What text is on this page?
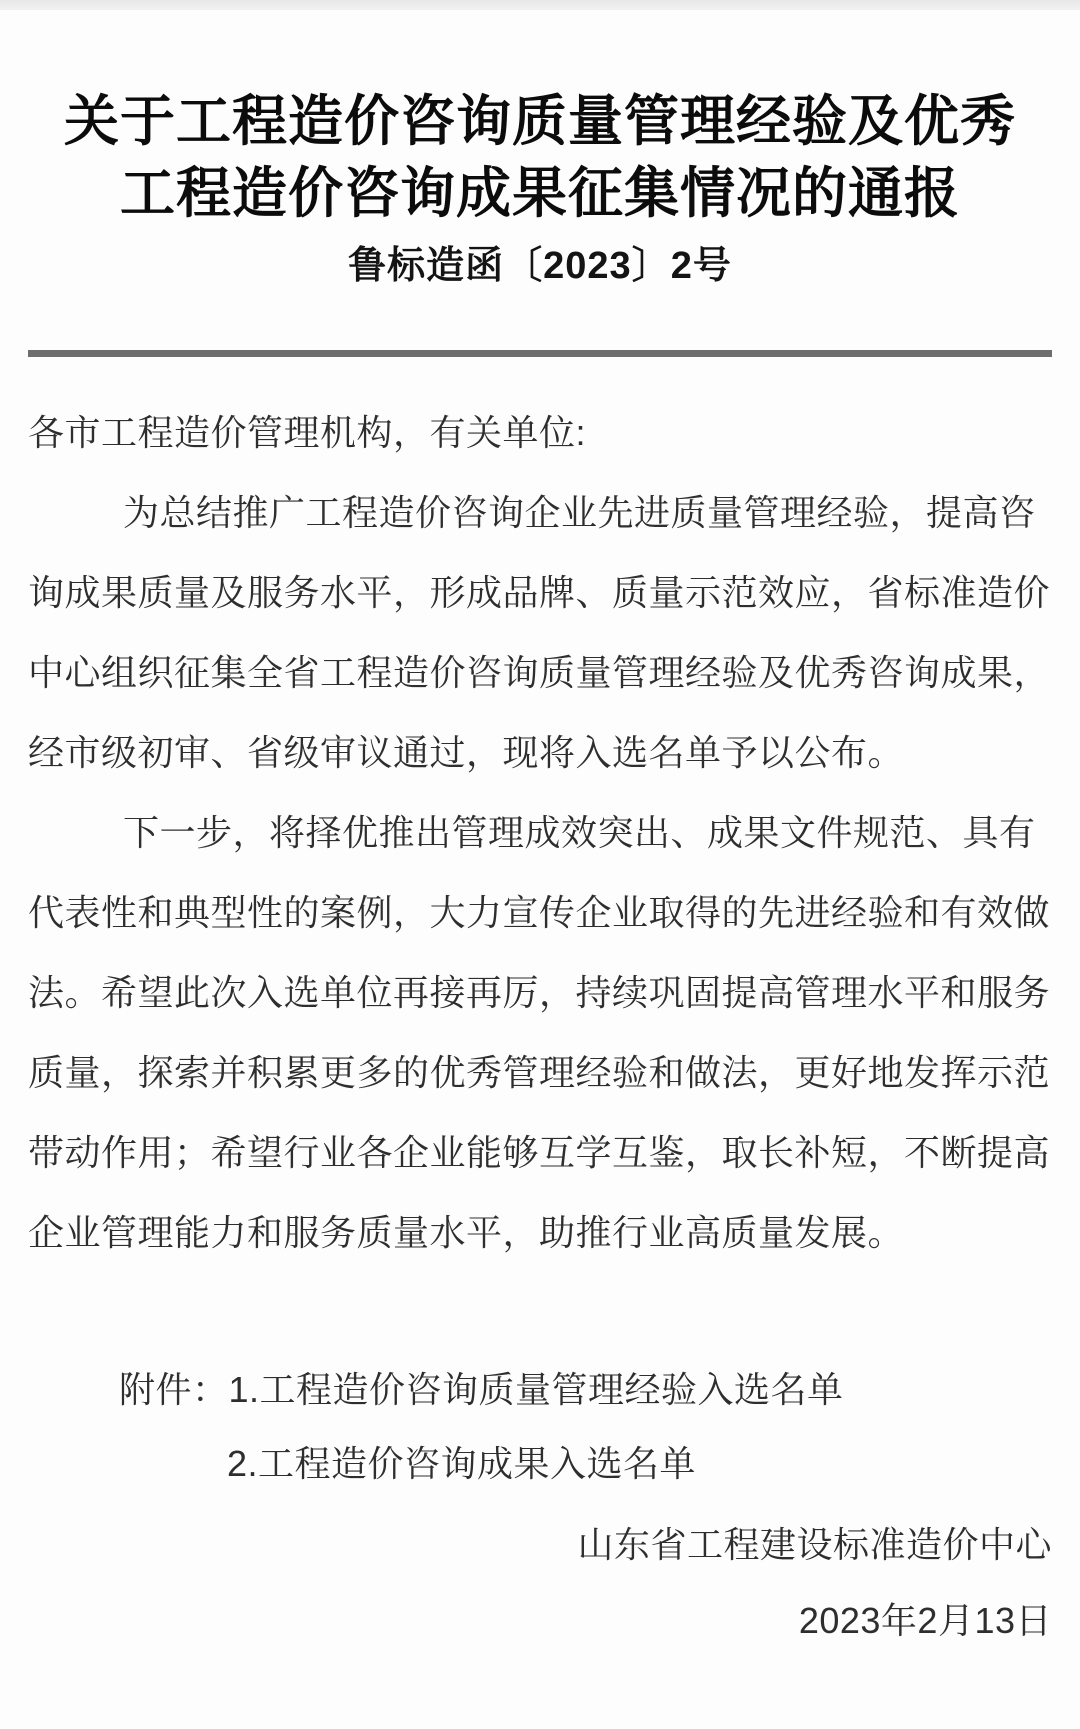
关于工程造价咨询质量管理经验及优秀
工程造价咨询成果征集情况的通报
鲁标造函〔2023〕2号
各市工程造价管理机构，有关单位:
为总结推广工程造价咨询企业先进质量管理经验，提高咨
询成果质量及服务水平，形成品牌、质量示范效应，省标准造价
中心组织征集全省工程造价咨询质量管理经验及优秀咨询成果，
经市级初审、省级审议通过，现将入选名单予以公布。
下一步，将择优推出管理成效突出、成果文件规范、具有
代表性和典型性的案例，大力宣传企业取得的先进经验和有效做
法。希望此次入选单位再接再厉，持续巩固提高管理水平和服务
质量，探索并积累更多的优秀管理经验和做法，更好地发挥示范
带动作用；希望行业各企业能够互学互鉴，取长补短，不断提高
企业管理能力和服务质量水平，助推行业高质量发展。
附件：1.工程造价咨询质量管理经验入选名单
2.工程造价咨询成果入选名单
山东省工程建设标准造价中心
2023年2月13日
